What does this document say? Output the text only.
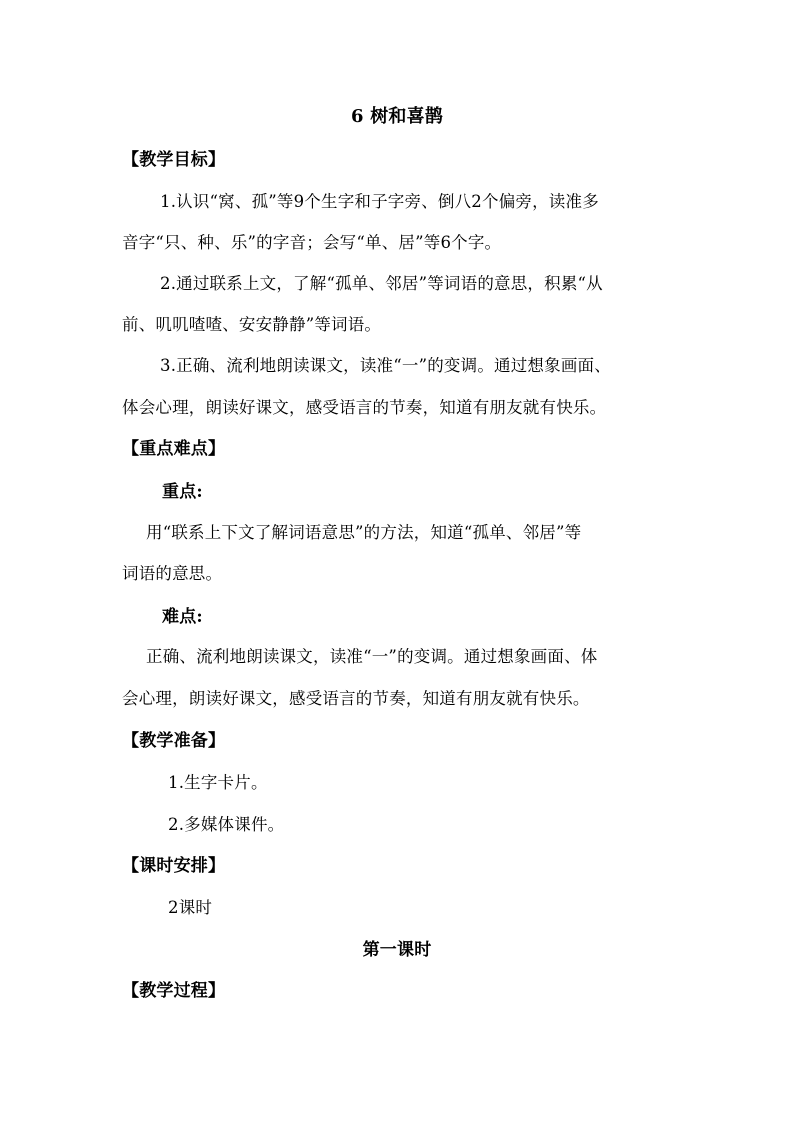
6 树和喜鹊
【教学目标】
1.认识“窝、孤”等9个生字和子字旁、倒八2个偏旁，读准多
音字“只、种、乐”的字音；会写“单、居”等6个字。
2.通过联系上文，了解“孤单、邻居”等词语的意思，积累“从
前、叽叽喳喳、安安静静”等词语。
3.正确、流利地朗读课文，读准“一”的变调。通过想象画面、
体会心理，朗读好课文，感受语言的节奏，知道有朋友就有快乐。
【重点难点】
重点:
用“联系上下文了解词语意思”的方法，知道“孤单、邻居”等
词语的意思。
难点:
正确、流利地朗读课文，读准“一”的变调。通过想象画面、体
会心理，朗读好课文，感受语言的节奏，知道有朋友就有快乐。
【教学准备】
1.生字卡片。
2.多媒体课件。
【课时安排】
2课时
第一课时
【教学过程】
